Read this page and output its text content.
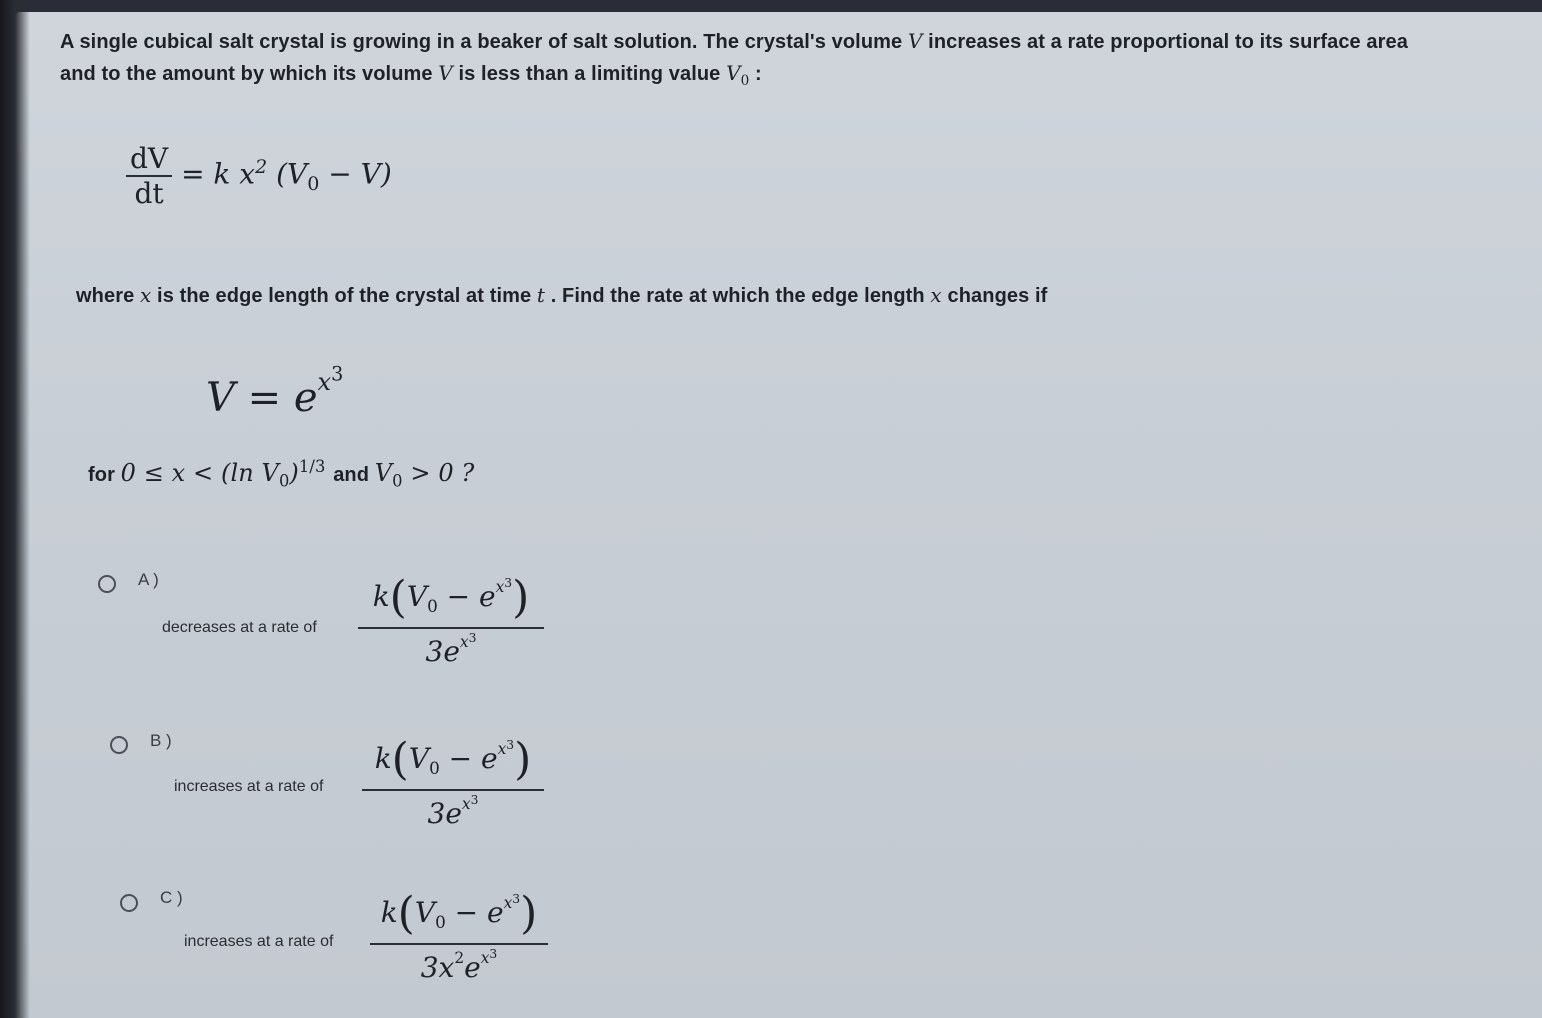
A single cubical salt crystal is growing in a beaker of salt solution. The crystal's volume V increases at a rate proportional to its surface area
and to the amount by which its volume V is less than a limiting value $V_0$ :
$\frac{dV}{dt} = k$ $x^2$ $(V_0 - V)$
where x is the edge length of the crystal at time t . Find the rate at which the edge length x changes if
$V = e^{x^3}$
for 0 ≤ x < (ln $V_0)^{1/3}$ and $V_0 > 0$ ?
A )
decreases at a rate of $\frac{k(V_0 - e^{x^3})}{3e^{x^3}}$
B )
increases at a rate of $\frac{k(V_0 - e^{x^3})}{3e^{x^3}}$
C )
increases at a rate of $\frac{k(V_0 - e^{x^3})}{3x^2e^{x^3}}$
